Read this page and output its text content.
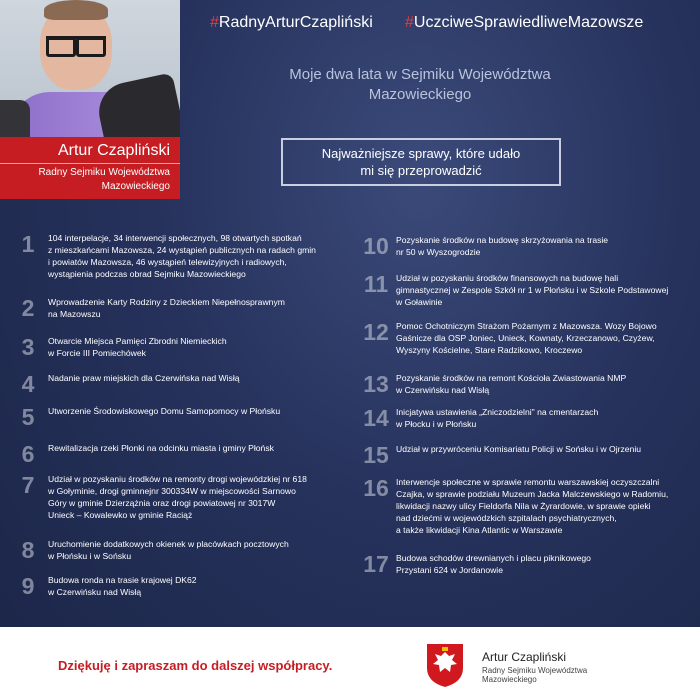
Artur Czapliński
Radny Sejmiku Województwa
Mazowieckiego
#RadnyArturCzapliński #UczciweSprawiedliweMazowsze
Moje dwa lata w Sejmiku Województwa
Mazowieckiego
Najważniejsze sprawy, które udało
mi się przeprowadzić
1	104 interpelacje, 34 interwencji społecznych, 98 otwartych spotkań
z mieszkańcami Mazowsza, 24 wystąpień publicznych na radach gmin
i powiatów Mazowsza, 46 wystąpień telewizyjnych i radiowych,
wystąpienia podczas obrad Sejmiku Mazowieckiego
2	Wprowadzenie Karty Rodziny z Dzieckiem Niepełnosprawnym
na Mazowszu
3	Otwarcie Miejsca Pamięci Zbrodni Niemieckich
w Forcie III Pomiechówek
4	Nadanie praw miejskich dla Czerwińska nad Wisłą
5	Utworzenie Środowiskowego Domu Samopomocy w Płońsku
6	Rewitalizacja rzeki Płonki na odcinku miasta i gminy Płońsk
7	Udział w pozyskaniu środków na remonty drogi wojewódzkiej nr 618
w Gołyminie, drogi gminnejnr 300334W w miejscowości Sarnowo
Góry w gminie Dzierzążnia oraz drogi powiatowej nr 3017W
Unieck – Kowalewko w gminie Raciąż
8	Uruchomienie dodatkowych okienek w placówkach pocztowych
w Płońsku i w Sońsku
9	Budowa ronda na trasie krajowej DK62
w Czerwińsku nad Wisłą
10 Pozyskanie środków na budowę skrzyżowania na trasie
nr 50 w Wyszogrodzie
11 Udział w pozyskaniu środków finansowych na budowę hali
gimnastycznej w Zespole Szkół nr 1 w Płońsku i w Szkole Podstawowej
w Goławinie
12 Pomoc Ochotniczym Strażom Pożarnym z Mazowsza. Wozy Bojowo
Gaśnicze dla OSP Joniec, Unieck, Kownaty, Krzeczanowo, Czyżew,
Wyszyny Kościelne, Stare Radzikowo, Kroczewo
13 Pozyskanie środków na remont Kościoła Zwiastowania NMP
w Czerwińsku nad Wisłą
14 Inicjatywa ustawienia „Zniczodzielni" na cmentarzach
w Płocku i w Płońsku
15 Udział w przywróceniu Komisariatu Policji w Sońsku i w Ojrzeniu
16 Interwencje społeczne w sprawie remontu warszawskiej oczyszczalni
Czajka, w sprawie podziału Muzeum Jacka Malczewskiego w Radomiu,
likwidacji nazwy ulicy Fieldorfa Nila w Żyrardowie, w sprawie opieki
nad dziećmi w wojewódzkich szpitalach psychiatrycznych,
a także likwidacji Kina Atlantic w Warszawie
17 Budowa schodów drewnianych i placu piknikowego
Przystani 624 w Jordanowie
Dziękuję i zapraszam do dalszej współpracy.
Artur Czapliński
Radny Sejmiku Województwa
Mazowieckiego
